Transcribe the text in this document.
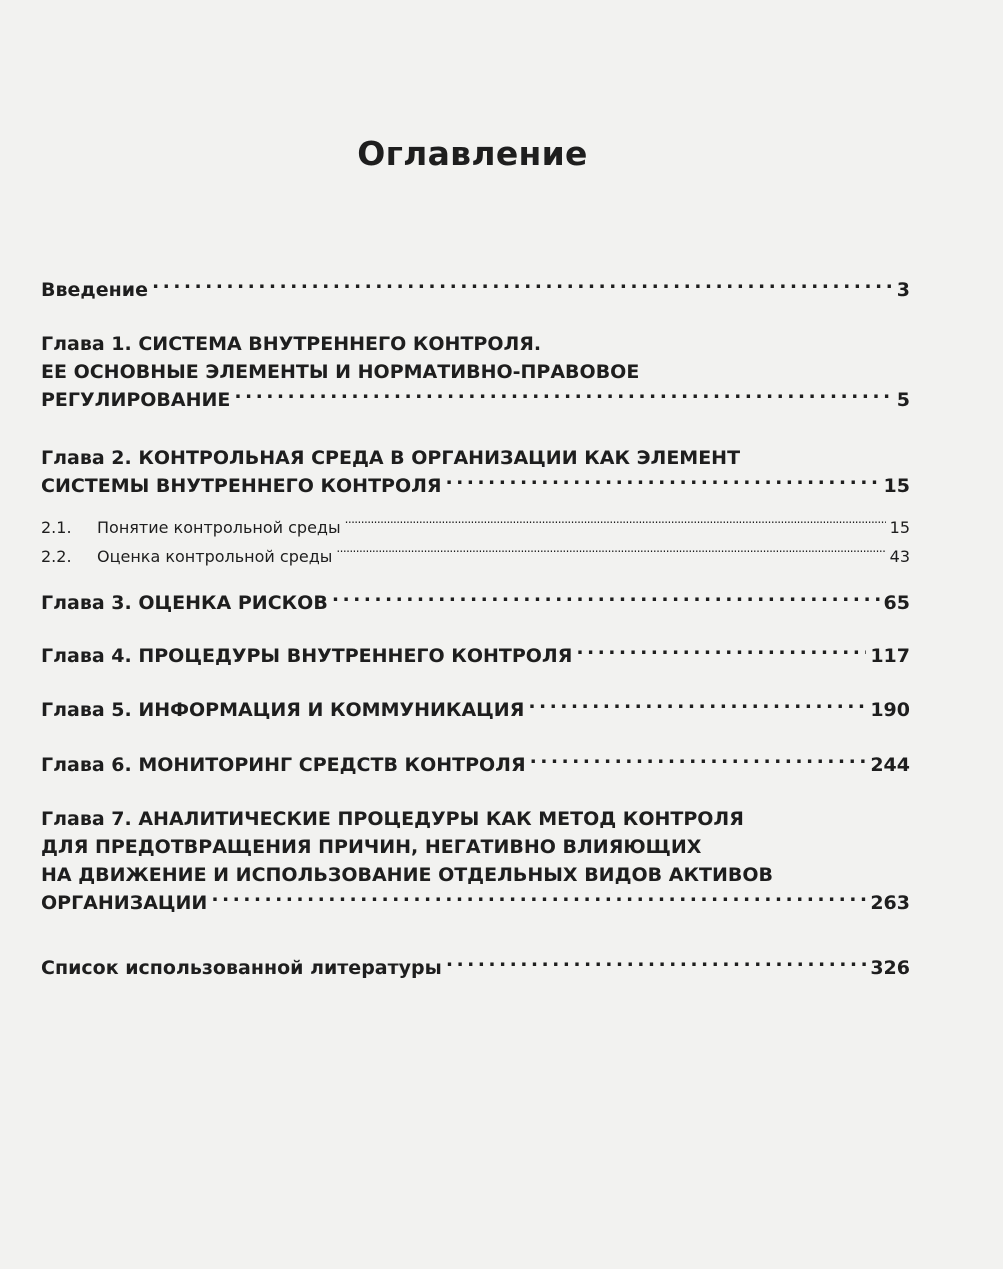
Оглавление
Введение . . .	3
Глава 1. СИСТЕМА ВНУТРЕННЕГО КОНТРОЛЯ.
ЕЕ ОСНОВНЫЕ ЭЛЕМЕНТЫ И НОРМАТИВНО-ПРАВОВОЕ
РЕГУЛИРОВАНИЕ . . .	5
Глава 2. КОНТРОЛЬНАЯ СРЕДА В ОРГАНИЗАЦИИ КАК ЭЛЕМЕНТ
СИСТЕМЫ ВНУТРЕННЕГО КОНТРОЛЯ . . .	15
2.1.	Понятие контрольной среды . . .	15
2.2.	Оценка контрольной среды . . .	43
Глава 3. ОЦЕНКА РИСКОВ . . .	65
Глава 4. ПРОЦЕДУРЫ ВНУТРЕННЕГО КОНТРОЛЯ . . .	117
Глава 5. ИНФОРМАЦИЯ И КОММУНИКАЦИЯ . . .	190
Глава 6. МОНИТОРИНГ СРЕДСТВ КОНТРОЛЯ . . .	244
Глава 7. АНАЛИТИЧЕСКИЕ ПРОЦЕДУРЫ КАК МЕТОД КОНТРОЛЯ
ДЛЯ ПРЕДОТВРАЩЕНИЯ ПРИЧИН, НЕГАТИВНО ВЛИЯЮЩИХ
НА ДВИЖЕНИЕ И ИСПОЛЬЗОВАНИЕ ОТДЕЛЬНЫХ ВИДОВ АКТИВОВ
ОРГАНИЗАЦИИ . . .	263
Список использованной литературы . . .	326
